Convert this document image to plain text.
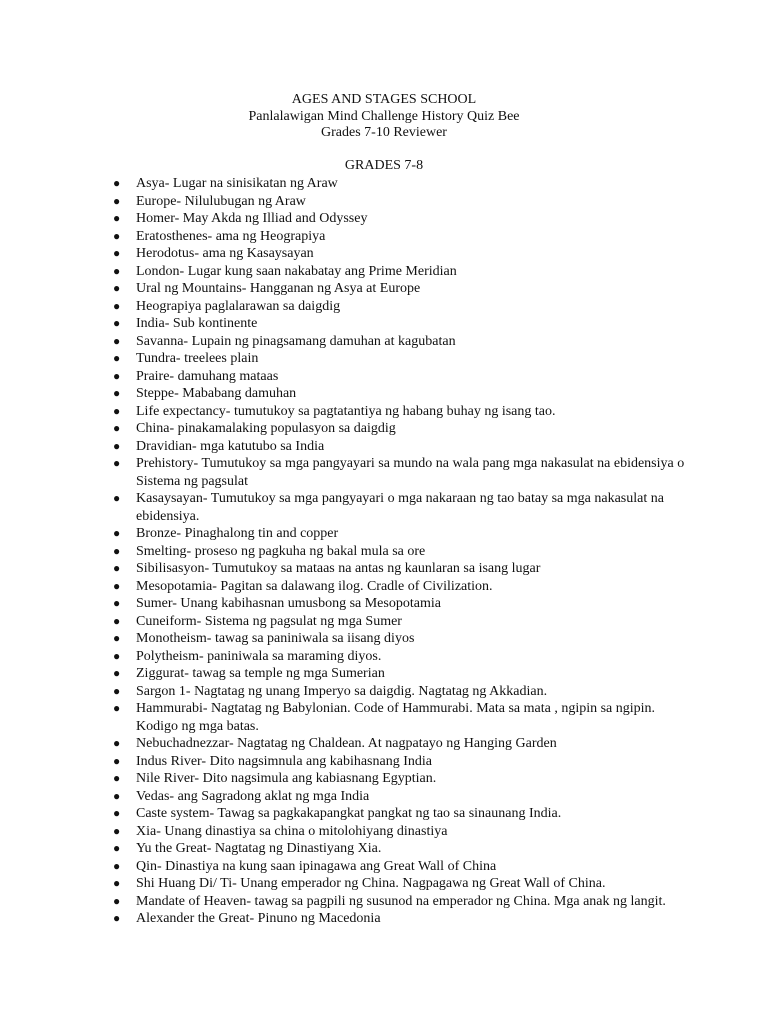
AGES AND STAGES SCHOOL
Panlalawigan Mind Challenge History Quiz Bee
Grades 7-10 Reviewer
GRADES 7-8
● Asya- Lugar na sinisikatan ng Araw
● Europe- Nilulubugan ng Araw
● Homer- May Akda ng Illiad and Odyssey
● Eratosthenes- ama ng Heograpiya
● Herodotus- ama ng Kasaysayan
● London- Lugar kung saan nakabatay ang Prime Meridian
● Ural ng Mountains- Hangganan ng Asya at Europe
● Heograpiya paglalarawan sa daigdig
● India- Sub kontinente
● Savanna- Lupain ng pinagsamang damuhan at kagubatan
● Tundra- treelees plain
● Praire- damuhang mataas
● Steppe- Mababang damuhan
● Life expectancy- tumutukoy sa pagtatantiya ng habang buhay ng isang tao.
● China- pinakamalaking populasyon sa daigdig
● Dravidian- mga katutubo sa India
● Prehistory- Tumutukoy sa mga pangyayari sa mundo na wala pang mga nakasulat na ebidensiya o Sistema ng pagsulat
● Kasaysayan- Tumutukoy sa mga pangyayari o mga nakaraan ng tao batay sa mga nakasulat na ebidensiya.
● Bronze- Pinaghalong tin and copper
● Smelting- proseso ng pagkuha ng bakal mula sa ore
● Sibilisasyon- Tumutukoy sa mataas na antas ng kaunlaran sa isang lugar
● Mesopotamia- Pagitan sa dalawang ilog. Cradle of Civilization.
● Sumer- Unang kabihasnan umusbong sa Mesopotamia
● Cuneiform- Sistema ng pagsulat ng mga Sumer
● Monotheism- tawag sa paniniwala sa iisang diyos
● Polytheism- paniniwala sa maraming diyos.
● Ziggurat- tawag sa temple ng mga Sumerian
● Sargon 1- Nagtatag ng unang Imperyo sa daigdig. Nagtatag ng Akkadian.
● Hammurabi- Nagtatag ng Babylonian. Code of Hammurabi. Mata sa mata , ngipin sa ngipin. Kodigo ng mga batas.
● Nebuchadnezzar- Nagtatag ng Chaldean. At nagpatayo ng Hanging Garden
● Indus River- Dito nagsimnula ang kabihasnang India
● Nile River- Dito nagsimula ang kabiasnang Egyptian.
● Vedas- ang Sagradong aklat ng mga India
● Caste system- Tawag sa pagkakapangkat pangkat ng tao sa sinaunang India.
● Xia- Unang dinastiya sa china o mitolohiyang dinastiya
● Yu the Great- Nagtatag ng Dinastiyang Xia.
● Qin- Dinastiya na kung saan ipinagawa ang Great Wall of China
● Shi Huang Di/ Ti- Unang emperador ng China. Nagpagawa ng Great Wall of China.
● Mandate of Heaven- tawag sa pagpili ng susunod na emperador ng China. Mga anak ng langit.
● Alexander the Great- Pinuno ng Macedonia
